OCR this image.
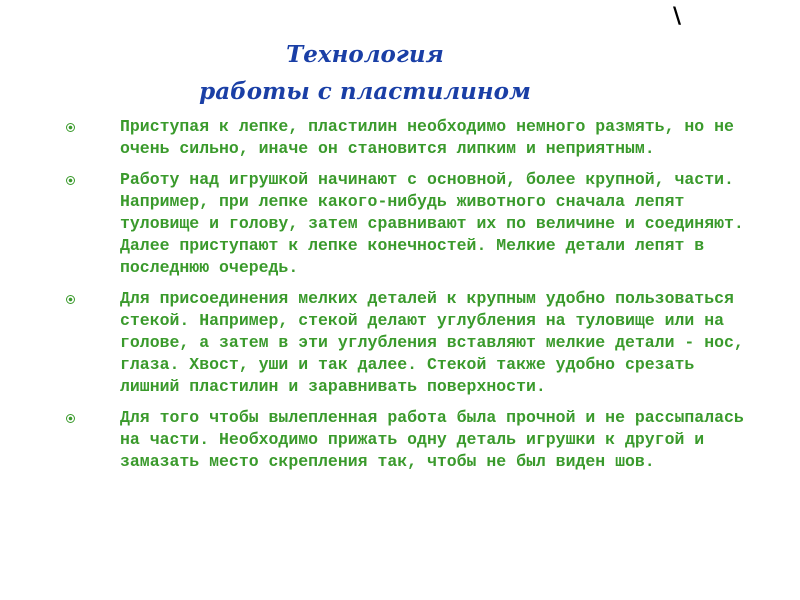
\
Технология
работы с пластилином
Приступая к лепке, пластилин необходимо немного размять, но не очень сильно, иначе он становится липким и неприятным.
Работу над игрушкой начинают с основной, более крупной, части. Например, при лепке какого-нибудь животного сначала лепят туловище и голову, затем сравнивают их по величине и соединяют. Далее приступают к лепке конечностей. Мелкие детали лепят в последнюю очередь.
Для присоединения мелких деталей к крупным удобно пользоваться стекой. Например, стекой делают углубления на туловище или на голове, а затем в эти углубления вставляют мелкие детали - нос, глаза. Хвост, уши и так далее. Стекой также удобно срезать лишний пластилин и заравнивать поверхности.
Для того чтобы вылепленная работа была прочной и не рассыпалась на части. Необходимо прижать одну деталь игрушки к другой и замазать место скрепления так, чтобы не был виден шов.
